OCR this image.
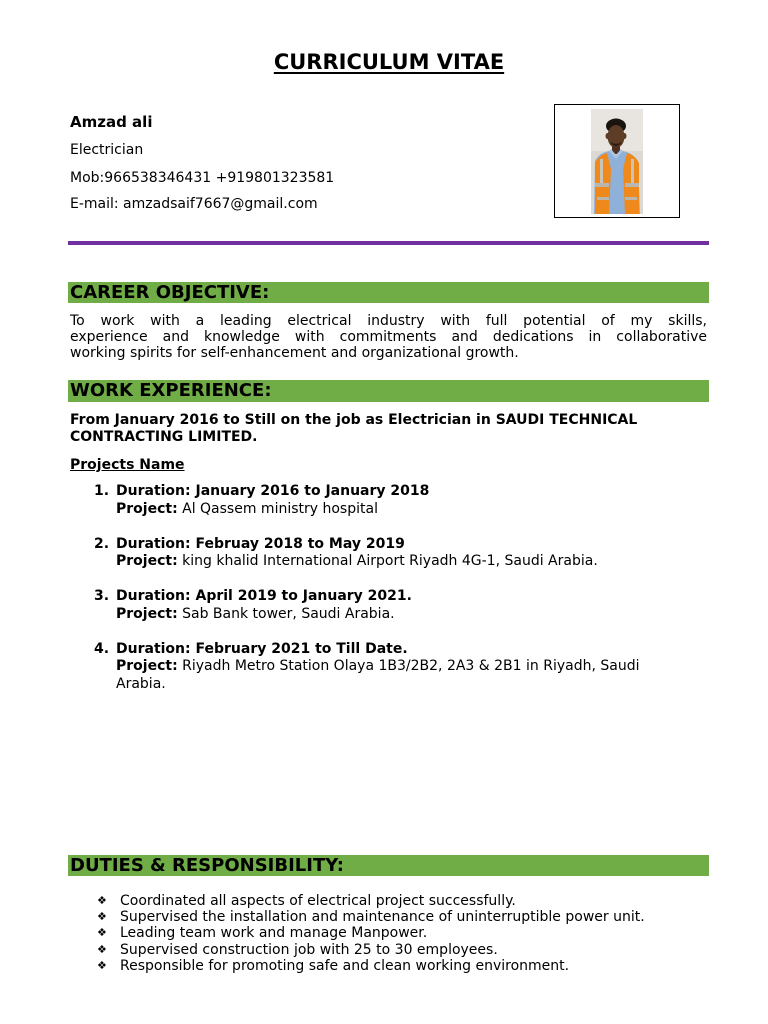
CURRICULUM VITAE
Amzad ali
Electrician
Mob:966538346431 +919801323581
E-mail: amzadsaif7667@gmail.com
CAREER OBJECTIVE:
To work with a leading electrical industry with full potential of my skills,
experience and knowledge with commitments and dedications in collaborative
working spirits for self-enhancement and organizational growth.
WORK EXPERIENCE:
From January 2016 to Still on the job as Electrician in SAUDI TECHNICAL CONTRACTING LIMITED.
Projects Name
1. Duration: January 2016 to January 2018
Project: Al Qassem ministry hospital
2. Duration: Februay 2018 to May 2019
Project: king khalid International Airport Riyadh 4G-1, Saudi Arabia.
3. Duration: April 2019 to January 2021.
Project: Sab Bank tower, Saudi Arabia.
4. Duration: February 2021 to Till Date.
Project: Riyadh Metro Station Olaya 1B3/2B2, 2A3 & 2B1 in Riyadh, Saudi Arabia.
DUTIES & RESPONSIBILITY:
❖
Coordinated all aspects of electrical project successfully.
❖
Supervised the installation and maintenance of uninterruptible power unit.
❖
Leading team work and manage Manpower.
❖
Supervised construction job with 25 to 30 employees.
❖
Responsible for promoting safe and clean working environment.
